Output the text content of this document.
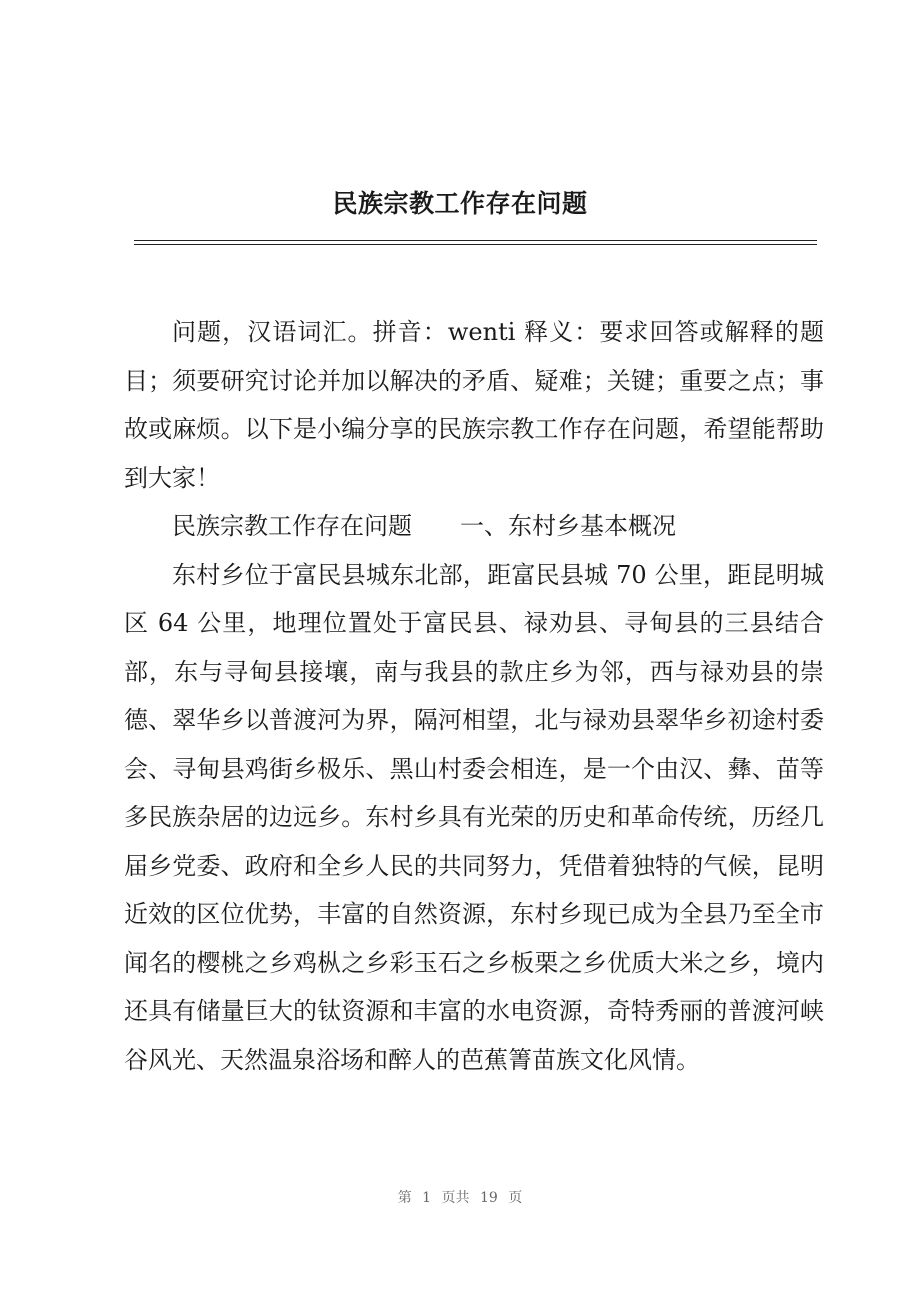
民族宗教工作存在问题

问题，汉语词汇。拼音：wenti 释义：要求回答或解释的题目；须要研究讨论并加以解决的矛盾、疑难；关键；重要之点；事故或麻烦。以下是小编分享的民族宗教工作存在问题，希望能帮助到大家！

民族宗教工作存在问题 一、东村乡基本概况

东村乡位于富民县城东北部，距富民县城 70 公里，距昆明城区 64 公里，地理位置处于富民县、禄劝县、寻甸县的三县结合部，东与寻甸县接壤，南与我县的款庄乡为邻，西与禄劝县的崇德、翠华乡以普渡河为界，隔河相望，北与禄劝县翠华乡初途村委会、寻甸县鸡街乡极乐、黑山村委会相连，是一个由汉、彝、苗等多民族杂居的边远乡。东村乡具有光荣的历史和革命传统，历经几届乡党委、政府和全乡人民的共同努力，凭借着独特的气候，昆明近效的区位优势，丰富的自然资源，东村乡现已成为全县乃至全市闻名的樱桃之乡鸡枞之乡彩玉石之乡板栗之乡优质大米之乡，境内还具有储量巨大的钛资源和丰富的水电资源，奇特秀丽的普渡河峡谷风光、天然温泉浴场和醉人的芭蕉箐苗族文化风情。

第 1 页共 19 页
